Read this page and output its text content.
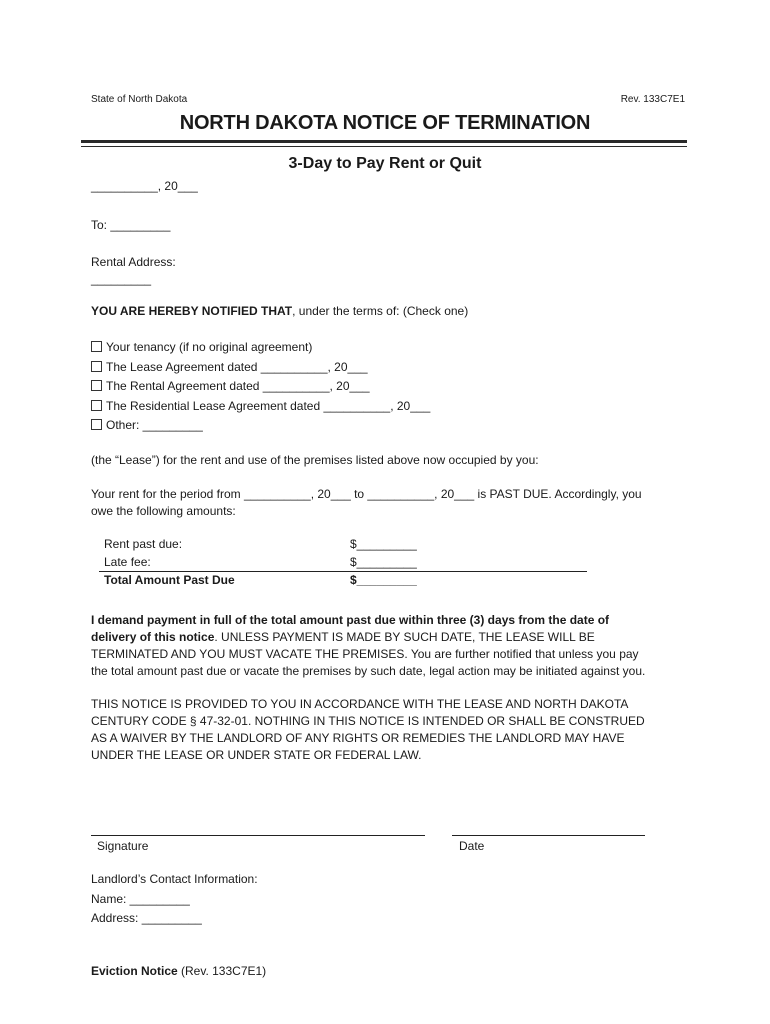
State of North Dakota	Rev. 133C7E1
NORTH DAKOTA NOTICE OF TERMINATION
3-Day to Pay Rent or Quit
__________, 20___
To: _________
Rental Address:
_________
YOU ARE HEREBY NOTIFIED THAT, under the terms of: (Check one)
Your tenancy (if no original agreement)
The Lease Agreement dated __________, 20___
The Rental Agreement dated __________, 20___
The Residential Lease Agreement dated __________, 20___
Other: _________
(the “Lease”) for the rent and use of the premises listed above now occupied by you:
Your rent for the period from __________, 20___ to __________, 20___ is PAST DUE. Accordingly, you
owe the following amounts:
Rent past due:	$_________
Late fee:	$_________
Total Amount Past Due	$_________
I demand payment in full of the total amount past due within three (3) days from the date of
delivery of this notice. UNLESS PAYMENT IS MADE BY SUCH DATE, THE LEASE WILL BE
TERMINATED AND YOU MUST VACATE THE PREMISES. You are further notified that unless you pay
the total amount past due or vacate the premises by such date, legal action may be initiated against you.
THIS NOTICE IS PROVIDED TO YOU IN ACCORDANCE WITH THE LEASE AND NORTH DAKOTA
CENTURY CODE § 47-32-01. NOTHING IN THIS NOTICE IS INTENDED OR SHALL BE CONSTRUED
AS A WAIVER BY THE LANDLORD OF ANY RIGHTS OR REMEDIES THE LANDLORD MAY HAVE
UNDER THE LEASE OR UNDER STATE OR FEDERAL LAW.
Signature	Date
Landlord’s Contact Information:
Name: _________
Address: _________
Eviction Notice (Rev. 133C7E1)
